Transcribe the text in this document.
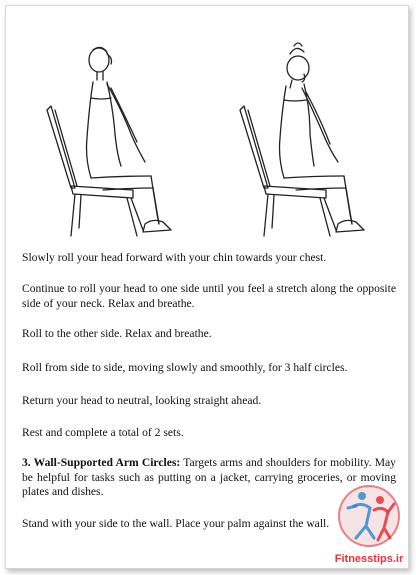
Slowly roll your head forward with your chin towards your chest.

Continue to roll your head to one side until you feel a stretch along the opposite side of your neck. Relax and breathe.

Roll to the other side. Relax and breathe.

Roll from side to side, moving slowly and smoothly, for 3 half circles.

Return your head to neutral, looking straight ahead.

Rest and complete a total of 2 sets.

3. Wall-Supported Arm Circles: Targets arms and shoulders for mobility. May be helpful for tasks such as putting on a jacket, carrying groceries, or moving plates and dishes.

Stand with your side to the wall. Place your palm against the wall.

Fitnesstips.ir
